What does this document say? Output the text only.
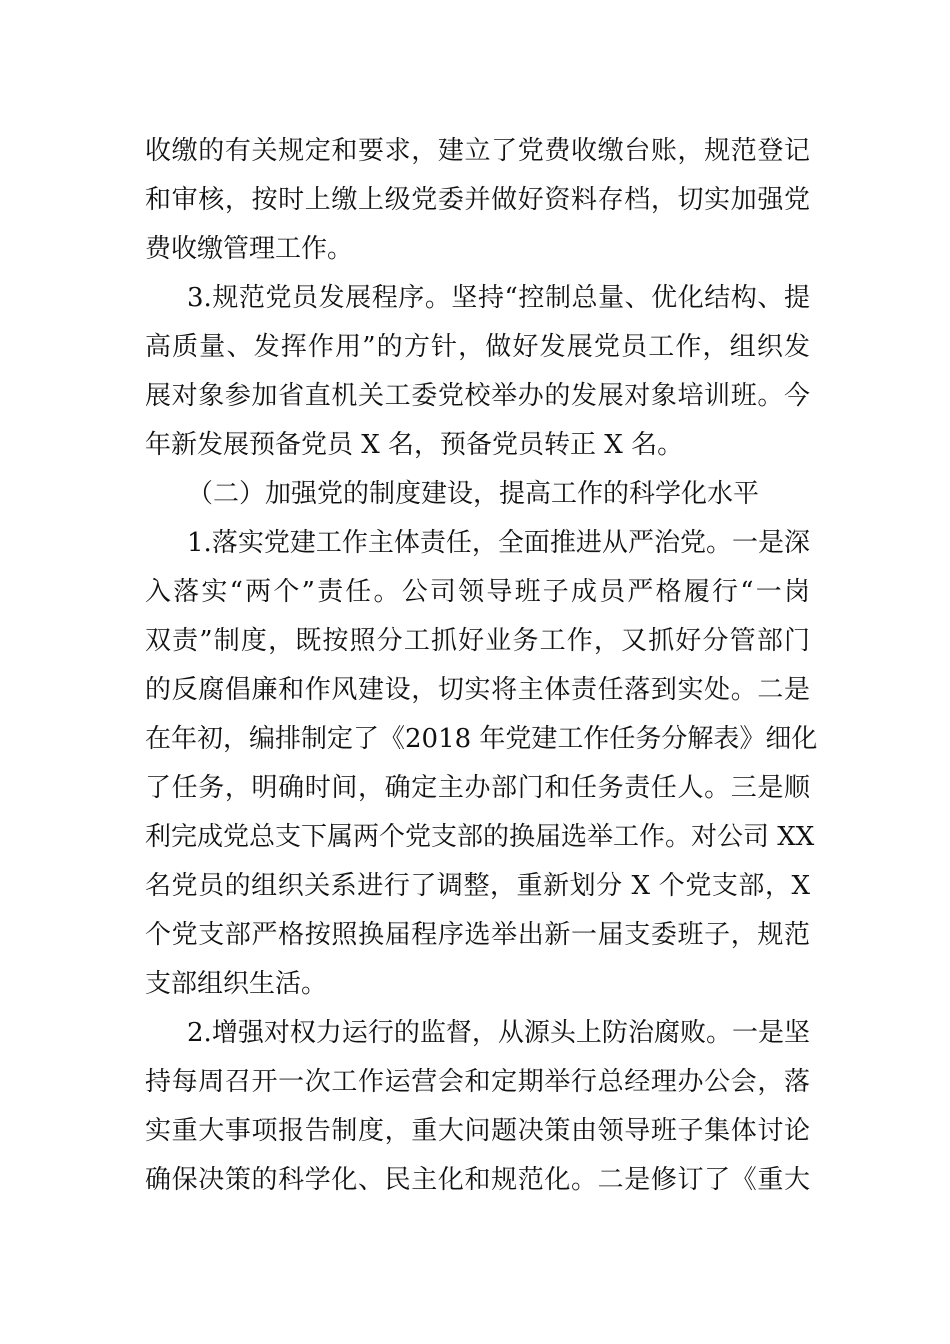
收缴的有关规定和要求，建立了党费收缴台账，规范登记
和审核，按时上缴上级党委并做好资料存档，切实加强党
费收缴管理工作。
3.规范党员发展程序。坚持“控制总量、优化结构、提
高质量、发挥作用”的方针，做好发展党员工作，组织发
展对象参加省直机关工委党校举办的发展对象培训班。今
年新发展预备党员 X 名，预备党员转正 X 名。
（二）加强党的制度建设，提高工作的科学化水平
1.落实党建工作主体责任，全面推进从严治党。一是深
入落实“两个”责任。公司领导班子成员严格履行“一岗
双责”制度，既按照分工抓好业务工作，又抓好分管部门
的反腐倡廉和作风建设，切实将主体责任落到实处。二是
在年初，编排制定了《2018 年党建工作任务分解表》细化
了任务，明确时间，确定主办部门和任务责任人。三是顺
利完成党总支下属两个党支部的换届选举工作。对公司 XX
名党员的组织关系进行了调整，重新划分 X 个党支部，X
个党支部严格按照换届程序选举出新一届支委班子，规范
支部组织生活。
2.增强对权力运行的监督，从源头上防治腐败。一是坚
持每周召开一次工作运营会和定期举行总经理办公会，落
实重大事项报告制度，重大问题决策由领导班子集体讨论
确保决策的科学化、民主化和规范化。二是修订了《重大
